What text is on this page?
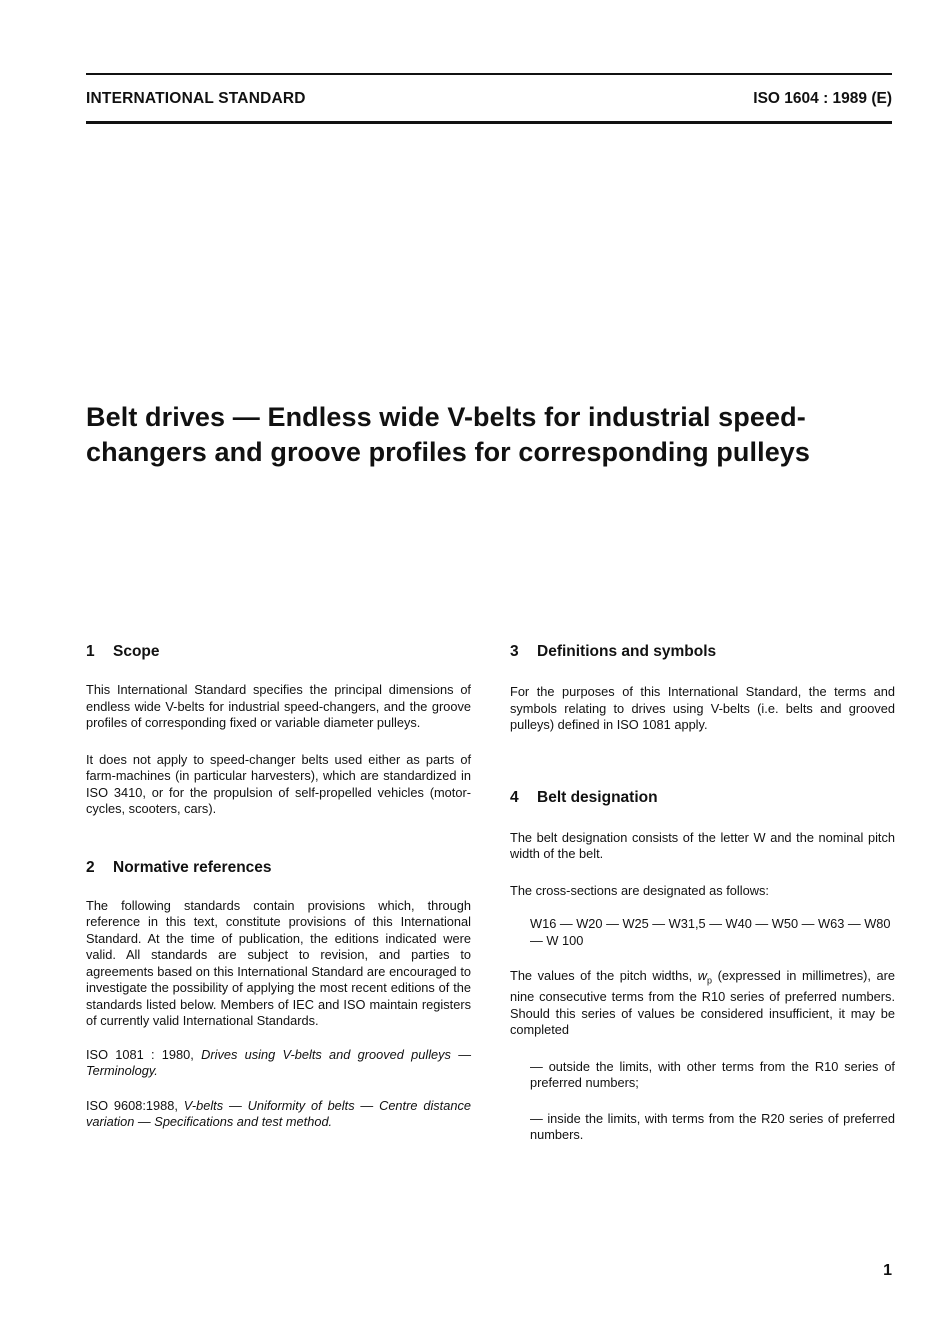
INTERNATIONAL STANDARD	ISO 1604 : 1989 (E)
Belt drives — Endless wide V-belts for industrial speed-
changers and groove profiles for corresponding pulleys
1 Scope

This International Standard specifies the principal dimensions of endless wide V-belts for industrial speed-changers, and the groove profiles of corresponding fixed or variable diameter pulleys.

It does not apply to speed-changer belts used either as parts of farm-machines (in particular harvesters), which are standardized in ISO 3410, or for the propulsion of self-propelled vehicles (motor-cycles, scooters, cars).

2 Normative references

The following standards contain provisions which, through reference in this text, constitute provisions of this International Standard. At the time of publication, the editions indicated were valid. All standards are subject to revision, and parties to agreements based on this International Standard are encouraged to investigate the possibility of applying the most recent editions of the standards listed below. Members of IEC and ISO maintain registers of currently valid International Standards.

ISO 1081 : 1980, Drives using V-belts and grooved pulleys — Terminology.

ISO 9608:1988, V-belts — Uniformity of belts — Centre distance variation — Specifications and test method.

3 Definitions and symbols

For the purposes of this International Standard, the terms and symbols relating to drives using V-belts (i.e. belts and grooved pulleys) defined in ISO 1081 apply.

4 Belt designation

The belt designation consists of the letter W and the nominal pitch width of the belt.

The cross-sections are designated as follows:

W16 — W20 — W25 — W31,5 — W40 — W50 — W63 — W80 — W 100

The values of the pitch widths, $w_p$ (expressed in millimetres), are nine consecutive terms from the R10 series of preferred numbers. Should this series of values be considered insufficient, it may be completed

— outside the limits, with other terms from the R10 series of preferred numbers;

— inside the limits, with terms from the R20 series of preferred numbers.

1
